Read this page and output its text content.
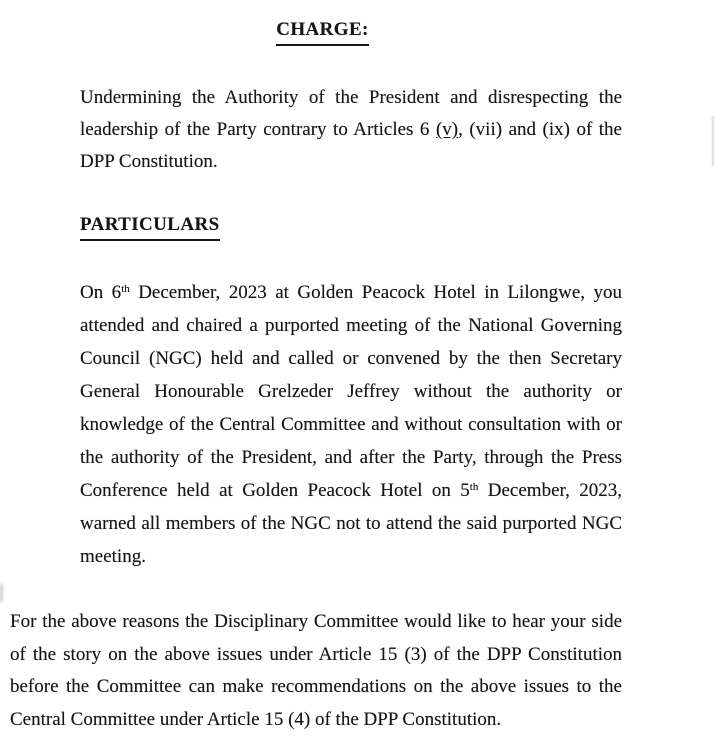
CHARGE:
Undermining the Authority of the President and disrespecting the
leadership of the Party contrary to Articles 6 (v), (vii) and (ix) of the
DPP Constitution.
PARTICULARS
On 6th December, 2023 at Golden Peacock Hotel in Lilongwe, you
attended and chaired a purported meeting of the National Governing
Council (NGC) held and called or convened by the then Secretary
General Honourable Grelzeder Jeffrey without the authority or
knowledge of the Central Committee and without consultation with or
the authority of the President, and after the Party, through the Press
Conference held at Golden Peacock Hotel on 5th December, 2023,
warned all members of the NGC not to attend the said purported NGC
meeting.
For the above reasons the Disciplinary Committee would like to hear your side
of the story on the above issues under Article 15 (3) of the DPP Constitution
before the Committee can make recommendations on the above issues to the
Central Committee under Article 15 (4) of the DPP Constitution.
